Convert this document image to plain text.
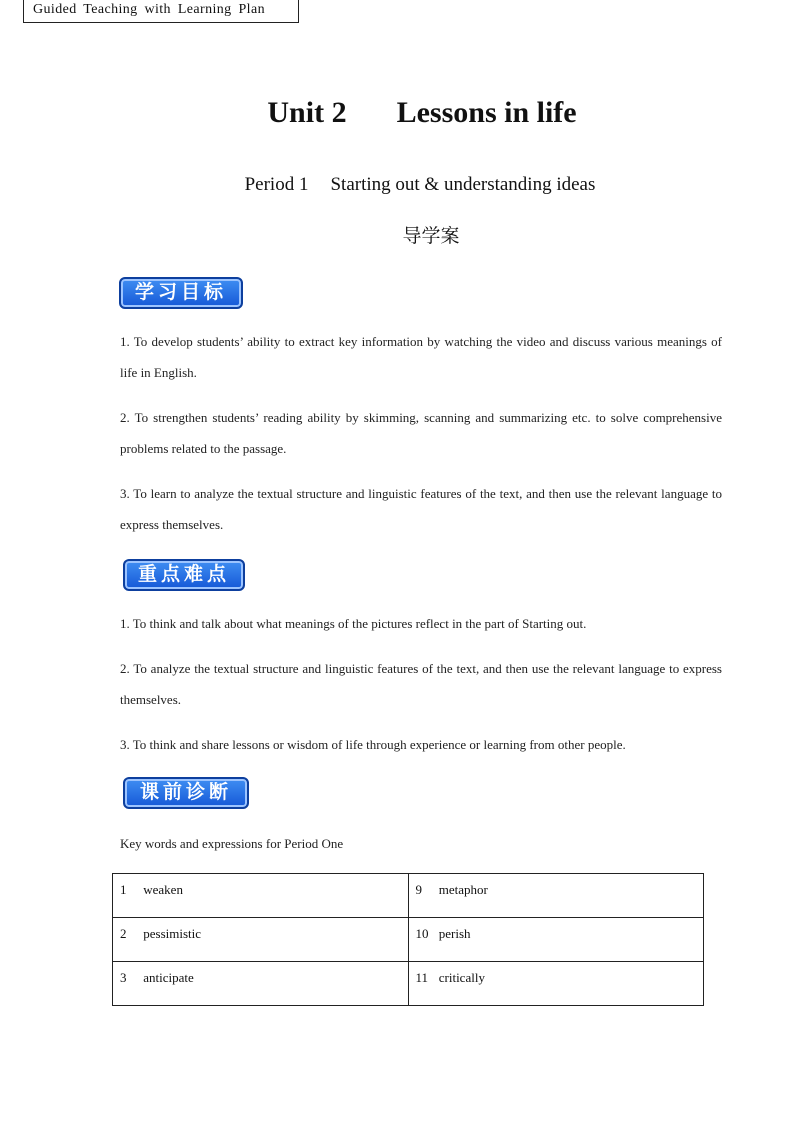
Guided Teaching with Learning Plan
Unit 2 Lessons in life
Period 1 Starting out & understanding ideas
导学案
学习目标
1. To develop students’ ability to extract key information by watching the video and discuss various meanings of life in English.
2. To strengthen students’ reading ability by skimming, scanning and summarizing etc. to solve comprehensive problems related to the passage.
3. To learn to analyze the textual structure and linguistic features of the text, and then use the relevant language to express themselves.
重点难点
1. To think and talk about what meanings of the pictures reflect in the part of Starting out.
2. To analyze the textual structure and linguistic features of the text, and then use the relevant language to express themselves.
3. To think and share lessons or wisdom of life through experience or learning from other people.
课前诊断
Key words and expressions for Period One
1 weaken	9 metaphor
2 pessimistic	10 perish
3 anticipate	11 critically
